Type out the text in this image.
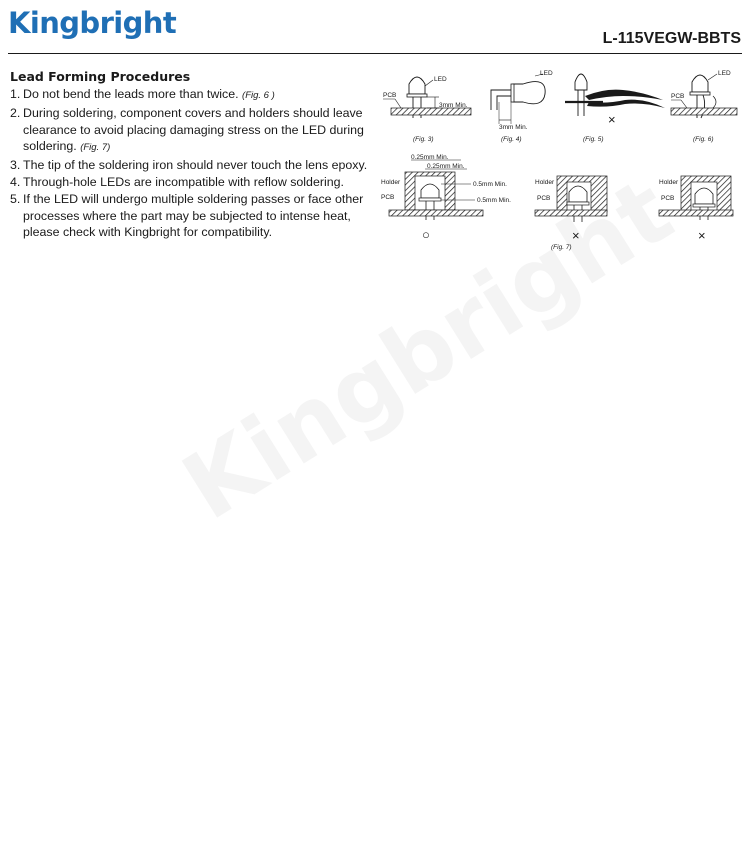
Kingbright	L-115VEGW-BBTS
Lead Forming Procedures
1. Do not bend the leads more than twice. (Fig. 6 )
2. During soldering, component covers and holders should leave clearance to avoid placing damaging stress on the LED during soldering. (Fig. 7)
3. The tip of the soldering iron should never touch the lens epoxy.
4. Through-hole LEDs are incompatible with reflow soldering.
5. If the LED will undergo multiple soldering passes or face other processes where the part may be subjected to intense heat, please check with Kingbright for compatibility.
LED
PCB
3mm Min.
(Fig. 3)
LED
3mm Min.
(Fig. 4)
×
(Fig. 5)
LED
PCB
(Fig. 6)
0.25mm Min.
0.25mm Min.
0.5mm Min.
0.5mm Min.
Holder
PCB
○
Holder
PCB
×
(Fig. 7)
Holder
PCB
×
